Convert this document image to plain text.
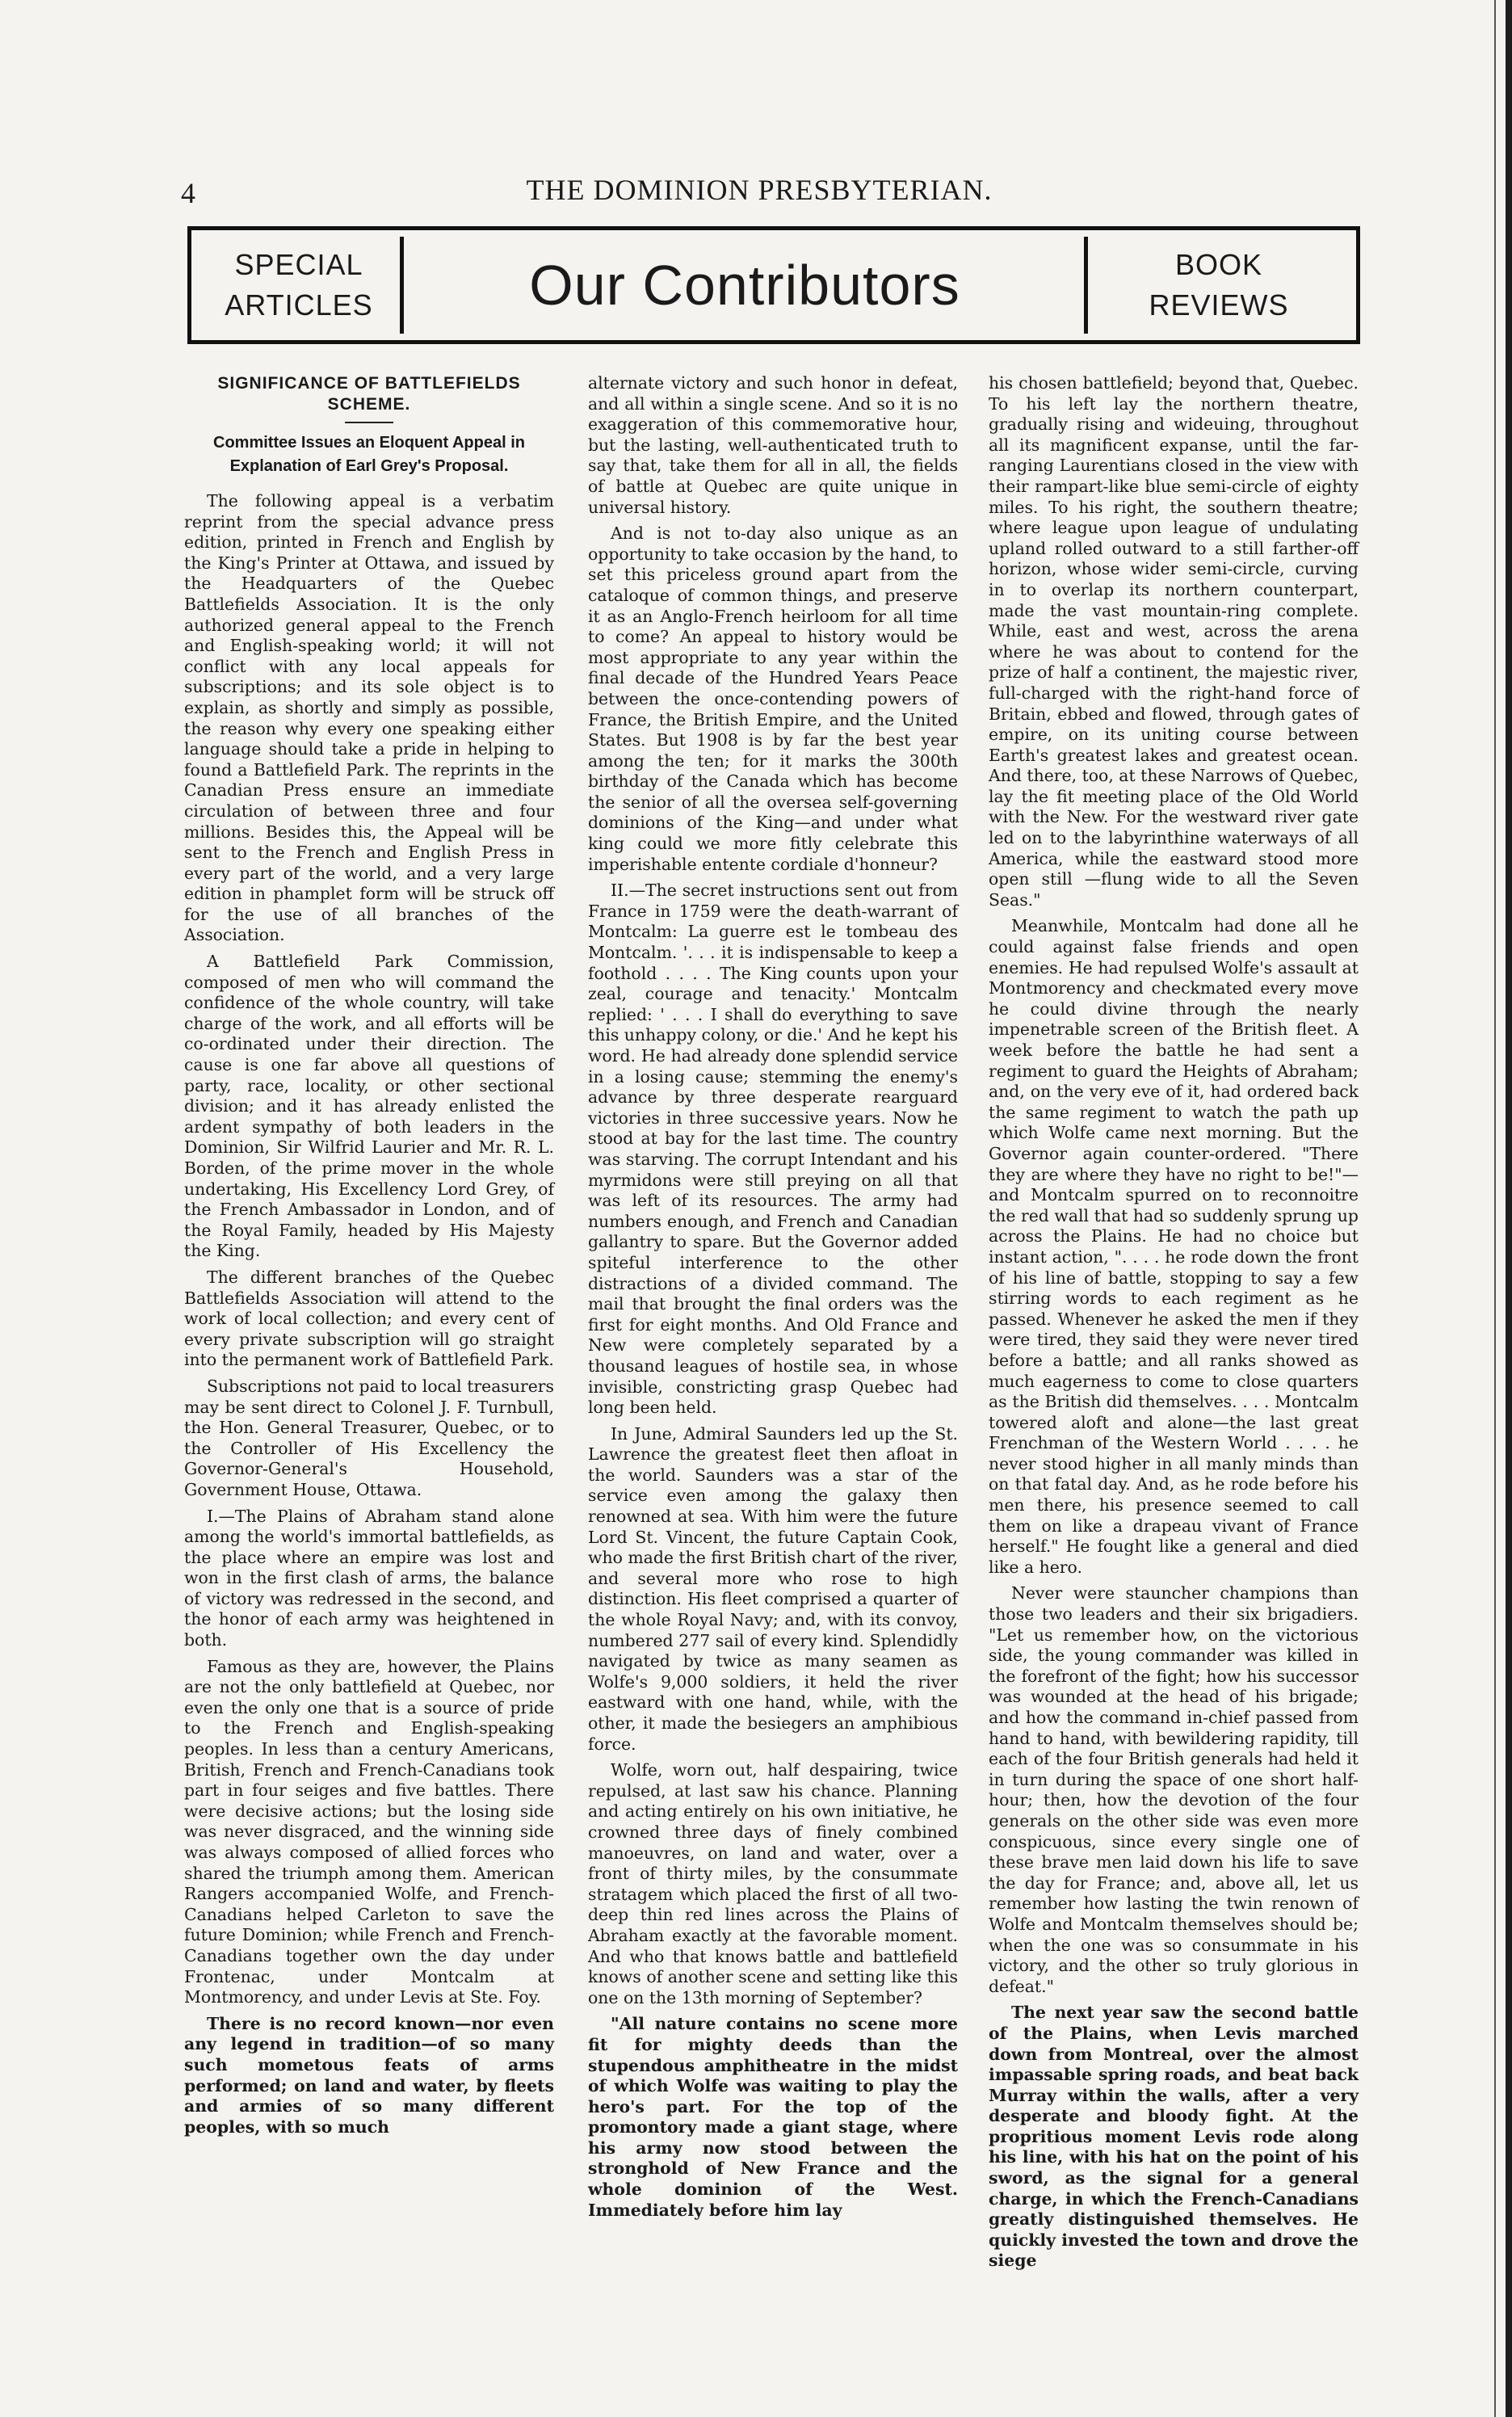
4	THE DOMINION PRESBYTERIAN.
SPECIAL
ARTICLES	Our Contributors	BOOK
REVIEWS
SIGNIFICANCE OF BATTLEFIELDS SCHEME.
Committee Issues an Eloquent Appeal in Explanation of Earl Grey's Proposal.

The following appeal is a verbatim reprint from the special advance press edition, printed in French and English by the King's Printer at Ottawa, and issued by the Headquarters of the Quebec Battlefields Association. It is the only authorized general appeal to the French and English-speaking world; it will not conflict with any local appeals for subscriptions; and its sole object is to explain, as shortly and simply as possible, the reason why every one speaking either language should take a pride in helping to found a Battlefield Park. The reprints in the Canadian Press ensure an immediate circulation of between three and four millions. Besides this, the Appeal will be sent to the French and English Press in every part of the world, and a very large edition in phamplet form will be struck off for the use of all branches of the Association.

A Battlefield Park Commission, composed of men who will command the confidence of the whole country, will take charge of the work, and all efforts will be co-ordinated under their direction. The cause is one far above all questions of party, race, locality, or other sectional division; and it has already enlisted the ardent sympathy of both leaders in the Dominion, Sir Wilfrid Laurier and Mr. R. L. Borden, of the prime mover in the whole undertaking, His Excellency Lord Grey, of the French Ambassador in London, and of the Royal Family, headed by His Majesty the King.

The different branches of the Quebec Battlefields Association will attend to the work of local collection; and every cent of every private subscription will go straight into the permanent work of Battlefield Park.

Subscriptions not paid to local treasurers may be sent direct to Colonel J. F. Turnbull, the Hon. General Treasurer, Quebec, or to the Controller of His Excellency the Governor-General's Household, Government House, Ottawa.

I.—The Plains of Abraham stand alone among the world's immortal battlefields, as the place where an empire was lost and won in the first clash of arms, the balance of victory was redressed in the second, and the honor of each army was heightened in both.

Famous as they are, however, the Plains are not the only battlefield at Quebec, nor even the only one that is a source of pride to the French and English-speaking peoples. In less than a century Americans, British, French and French-Canadians took part in four seiges and five battles. There were decisive actions; but the losing side was never disgraced, and the winning side was always composed of allied forces who shared the triumph among them. American Rangers accompanied Wolfe, and French-Canadians helped Carleton to save the future Dominion; while French and French-Canadians together own the day under Frontenac, under Montcalm at Montmorency, and under Levis at Ste. Foy.

There is no record known—nor even any legend in tradition—of so many such mometous feats of arms performed; on land and water, by fleets and armies of so many different peoples, with so much

alternate victory and such honor in defeat, and all within a single scene. And so it is no exaggeration of this commemorative hour, but the lasting, well-authenticated truth to say that, take them for all in all, the fields of battle at Quebec are quite unique in universal history.

And is not to-day also unique as an opportunity to take occasion by the hand, to set this priceless ground apart from the cataloque of common things, and preserve it as an Anglo-French heirloom for all time to come? An appeal to history would be most appropriate to any year within the final decade of the Hundred Years Peace between the once-contending powers of France, the British Empire, and the United States. But 1908 is by far the best year among the ten; for it marks the 300th birthday of the Canada which has become the senior of all the oversea self-governing dominions of the King—and under what king could we more fitly celebrate this imperishable entente cordiale d'honneur?

II.—The secret instructions sent out from France in 1759 were the death-warrant of Montcalm: La guerre est le tombeau des Montcalm. '. . . it is indispensable to keep a foothold . . . . The King counts upon your zeal, courage and tenacity.' Montcalm replied: ' . . . I shall do everything to save this unhappy colony, or die.' And he kept his word. He had already done splendid service in a losing cause; stemming the enemy's advance by three desperate rearguard victories in three successive years. Now he stood at bay for the last time. The country was starving. The corrupt Intendant and his myrmidons were still preying on all that was left of its resources. The army had numbers enough, and French and Canadian gallantry to spare. But the Governor added spiteful interference to the other distractions of a divided command. The mail that brought the final orders was the first for eight months. And Old France and New were completely separated by a thousand leagues of hostile sea, in whose invisible, constricting grasp Quebec had long been held.

In June, Admiral Saunders led up the St. Lawrence the greatest fleet then afloat in the world. Saunders was a star of the service even among the galaxy then renowned at sea. With him were the future Lord St. Vincent, the future Captain Cook, who made the first British chart of the river, and several more who rose to high distinction. His fleet comprised a quarter of the whole Royal Navy; and, with its convoy, numbered 277 sail of every kind. Splendidly navigated by twice as many seamen as Wolfe's 9,000 soldiers, it held the river eastward with one hand, while, with the other, it made the besiegers an amphibious force.

Wolfe, worn out, half despairing, twice repulsed, at last saw his chance. Planning and acting entirely on his own initiative, he crowned three days of finely combined manoeuvres, on land and water, over a front of thirty miles, by the consummate stratagem which placed the first of all two-deep thin red lines across the Plains of Abraham exactly at the favorable moment. And who that knows battle and battlefield knows of another scene and setting like this one on the 13th morning of September?

"All nature contains no scene more fit for mighty deeds than the stupendous amphitheatre in the midst of which Wolfe was waiting to play the hero's part. For the top of the promontory made a giant stage, where his army now stood between the stronghold of New France and the whole dominion of the West. Immediately before him lay

his chosen battlefield; beyond that, Quebec. To his left lay the northern theatre, gradually rising and wideuing, throughout all its magnificent expanse, until the far-ranging Laurentians closed in the view with their rampart-like blue semi-circle of eighty miles. To his right, the southern theatre; where league upon league of undulating upland rolled outward to a still farther-off horizon, whose wider semi-circle, curving in to overlap its northern counterpart, made the vast mountain-ring complete. While, east and west, across the arena where he was about to contend for the prize of half a continent, the majestic river, full-charged with the right-hand force of Britain, ebbed and flowed, through gates of empire, on its uniting course between Earth's greatest lakes and greatest ocean. And there, too, at these Narrows of Quebec, lay the fit meeting place of the Old World with the New. For the westward river gate led on to the labyrinthine waterways of all America, while the eastward stood more open still —flung wide to all the Seven Seas."

Meanwhile, Montcalm had done all he could against false friends and open enemies. He had repulsed Wolfe's assault at Montmorency and checkmated every move he could divine through the nearly impenetrable screen of the British fleet. A week before the battle he had sent a regiment to guard the Heights of Abraham; and, on the very eve of it, had ordered back the same regiment to watch the path up which Wolfe came next morning. But the Governor again counter-ordered. "There they are where they have no right to be!"—and Montcalm spurred on to reconnoitre the red wall that had so suddenly sprung up across the Plains. He had no choice but instant action, ". . . . he rode down the front of his line of battle, stopping to say a few stirring words to each regiment as he passed. Whenever he asked the men if they were tired, they said they were never tired before a battle; and all ranks showed as much eagerness to come to close quarters as the British did themselves. . . . Montcalm towered aloft and alone—the last great Frenchman of the Western World . . . . he never stood higher in all manly minds than on that fatal day. And, as he rode before his men there, his presence seemed to call them on like a drapeau vivant of France herself." He fought like a general and died like a hero.

Never were stauncher champions than those two leaders and their six brigadiers. "Let us remember how, on the victorious side, the young commander was killed in the forefront of the fight; how his successor was wounded at the head of his brigade; and how the command in-chief passed from hand to hand, with bewildering rapidity, till each of the four British generals had held it in turn during the space of one short half-hour; then, how the devotion of the four generals on the other side was even more conspicuous, since every single one of these brave men laid down his life to save the day for France; and, above all, let us remember how lasting the twin renown of Wolfe and Montcalm themselves should be; when the one was so consummate in his victory, and the other so truly glorious in defeat."

The next year saw the second battle of the Plains, when Levis marched down from Montreal, over the almost impassable spring roads, and beat back Murray within the walls, after a very desperate and bloody fight. At the propritious moment Levis rode along his line, with his hat on the point of his sword, as the signal for a general charge, in which the French-Canadians greatly distinguished themselves. He quickly invested the town and drove the siege
